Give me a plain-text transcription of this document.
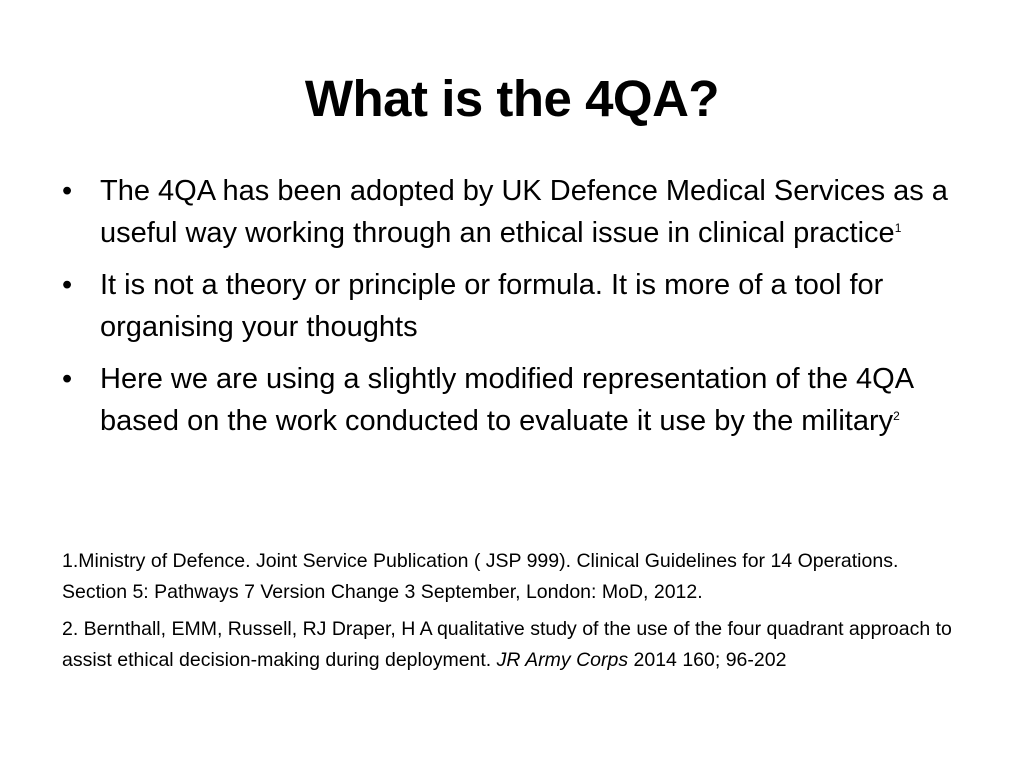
What is the 4QA?
• The 4QA has been adopted by UK Defence Medical Services as a useful way working through an ethical issue in clinical practice$^1$
• It is not a theory or principle or formula. It is more of a tool for organising your thoughts
• Here we are using a slightly modified representation of the 4QA based on the work conducted to evaluate it use by the military$^2$

1.Ministry of Defence. Joint Service Publication ( JSP 999). Clinical Guidelines for 14 Operations. Section 5: Pathways 7 Version Change 3 September, London: MoD, 2012.

2. Bernthall, EMM, Russell, RJ Draper, H A qualitative study of the use of the four quadrant approach to assist ethical decision-making during deployment. JR Army Corps 2014 160; 96-202
